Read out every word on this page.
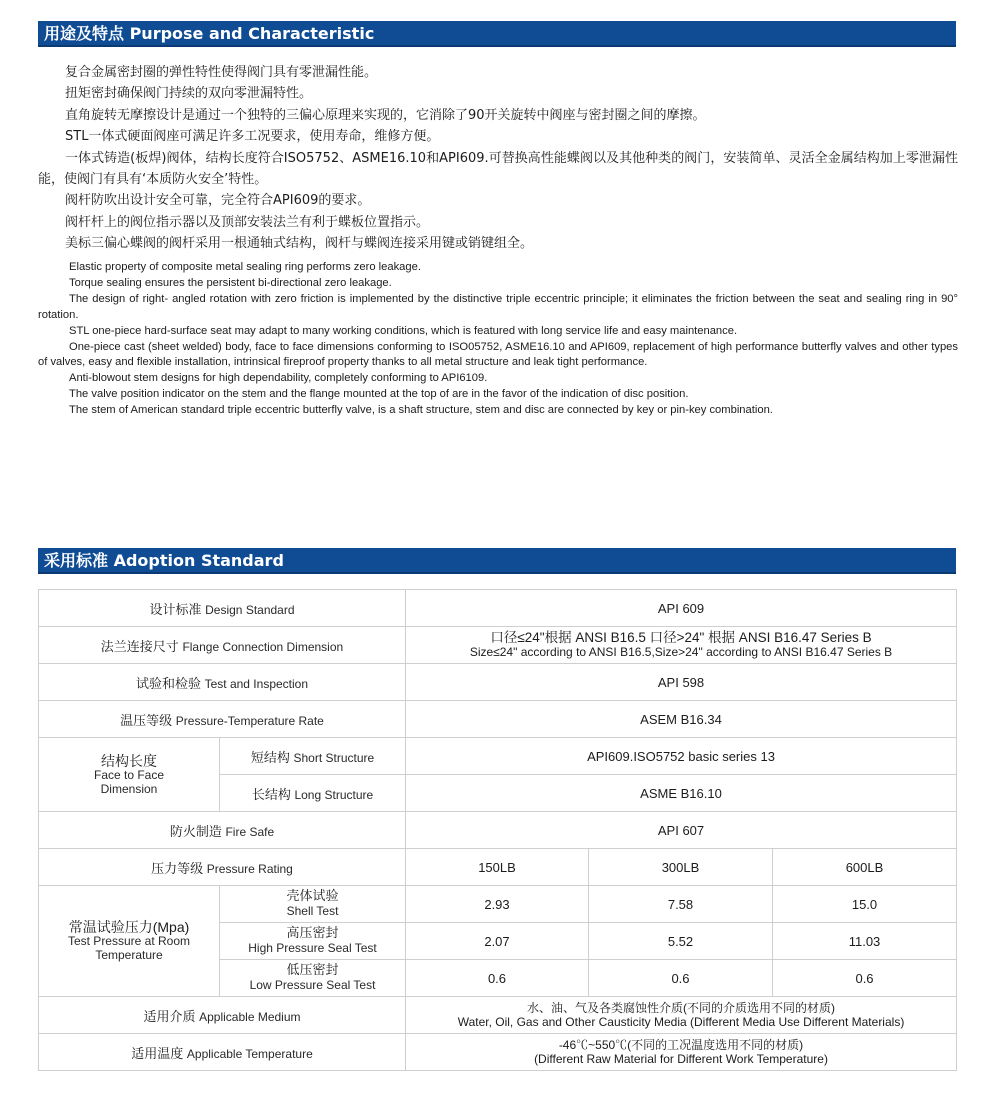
用途及特点 Purpose and Characteristic

复合金属密封圈的弹性特性使得阀门具有零泄漏性能。

扭矩密封确保阀门持续的双向零泄漏特性。

直角旋转无摩擦设计是通过一个独特的三偏心原理来实现的，它消除了90开关旋转中阀座与密封圈之间的摩擦。

STL一体式硬面阀座可满足许多工况要求，使用寿命，维修方便。

一体式铸造(板焊)阀体，结构长度符合ISO5752、ASME16.10和API609.可替换高性能蝶阀以及其他种类的阀门，安装简单、灵活全金属结构加上零泄漏性能，使阀门有具有‘本质防火安全’特性。

阀杆防吹出设计安全可靠，完全符合API609的要求。

阀杆杆上的阀位指示器以及顶部安装法兰有利于蝶板位置指示。

美标三偏心蝶阀的阀杆采用一根通轴式结构，阀杆与蝶阀连接采用键或销键组全。

Elastic property of composite metal sealing ring performs zero leakage.

Torque sealing ensures the persistent bi-directional zero leakage.

The design of right- angled rotation with zero friction is implemented by the distinctive triple eccentric principle; it eliminates the friction between the seat and sealing ring in 90° rotation.

STL one-piece hard-surface seat may adapt to many working conditions, which is featured with long service life and easy maintenance.

One-piece cast (sheet welded) body, face to face dimensions conforming to ISO05752, ASME16.10 and API609, replacement of high performance butterfly valves and other types of valves, easy and flexible installation, intrinsical fireproof property thanks to all metal structure and leak tight performance.

Anti-blowout stem designs for high dependability, completely conforming to API6109.

The valve position indicator on the stem and the flange mounted at the top of are in the favor of the indication of disc position.

The stem of American standard triple eccentric butterfly valve, is a shaft structure, stem and disc are connected by key or pin-key combination.

采用标准 Adoption Standard
设计标准 Design Standard		API 609		
法兰连接尺寸 Flange Connection Dimension		口径≤24"根据 ANSI B16.5 口径>24" 根据 ANSI B16.47 Series B
Size≤24" according to ANSI B16.5,Size>24" according to ANSI B16.47 Series B		

试验和检验 Test and Inspection		API 598		
温压等级 Pressure-Temperature Rate		ASEM B16.34		

结构长度
Face to Face
Dimension	短结构 Short Structure	API609.ISO5752 basic series 13		
	长结构 Long Structure	ASME B16.10		
防火制造 Fire Safe		API 607		
压力等级 Pressure Rating		150LB	300LB	600LB

常温试验压力(Mpa)
Test Pressure at Room
Temperature	壳体试验
Shell Test	2.93	7.58	15.0

	高压密封
High Pressure Seal Test	2.07	5.52	11.03

	低压密封
Low Pressure Seal Test	0.6	0.6	0.6
适用介质 Applicable Medium		水、油、气及各类腐蚀性介质(不同的介质选用不同的材质)
Water, Oil, Gas and Other Causticity Media (Different Media Use Different Materials)		

适用温度 Applicable Temperature		-46℃~550℃(不同的工况温度选用不同的材质)
(Different Raw Material for Different Work Temperature)		
